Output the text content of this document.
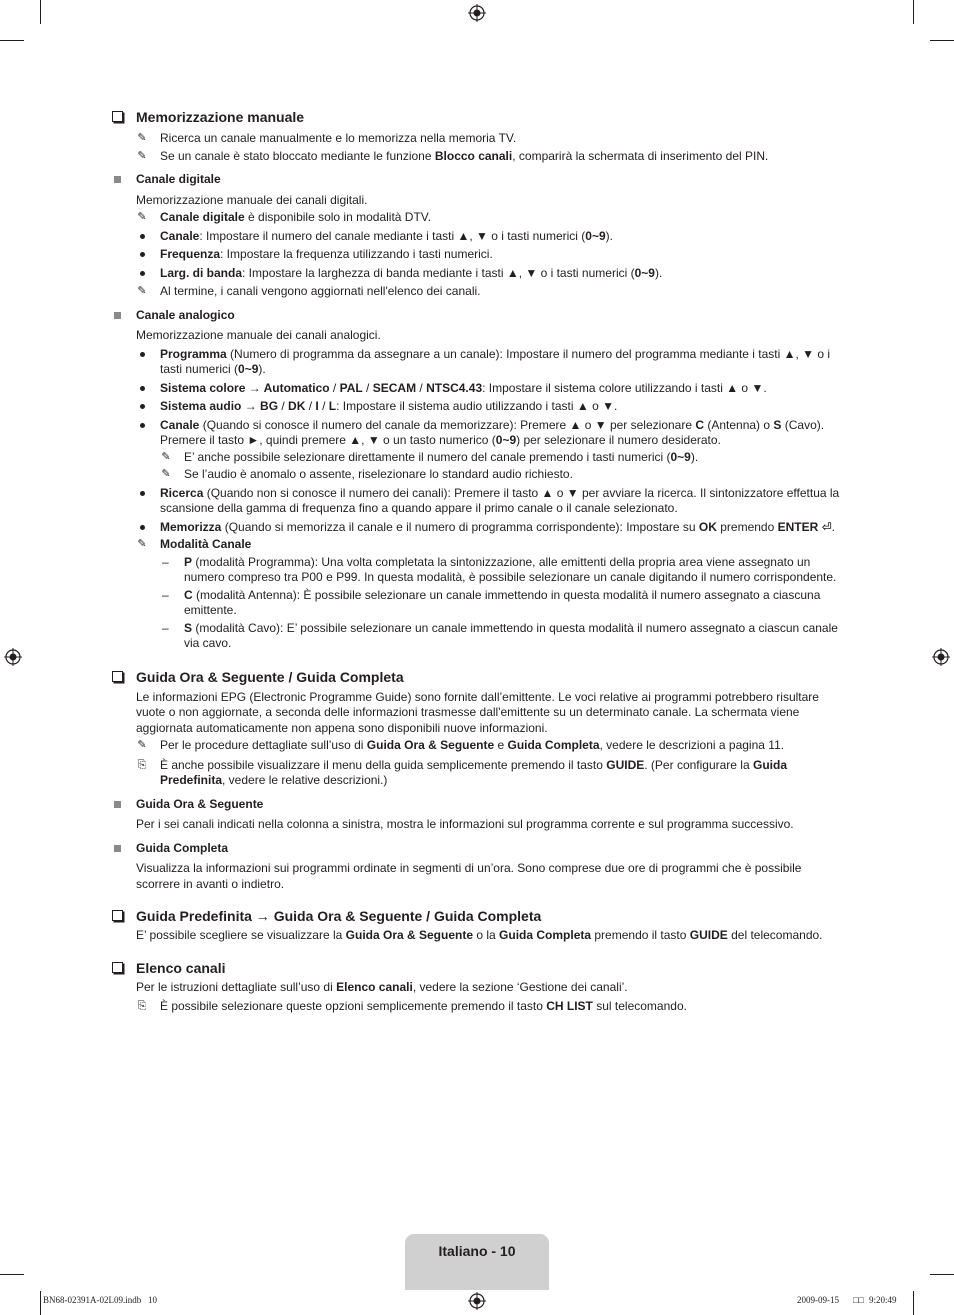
Memorizzazione manuale
✎ Ricerca un canale manualmente e lo memorizza nella memoria TV.
✎ Se un canale è stato bloccato mediante le funzione Blocco canali, comparirà la schermata di inserimento del PIN.
Canale digitale
Memorizzazione manuale dei canali digitali.
✎ Canale digitale è disponibile solo in modalità DTV.
Canale: Impostare il numero del canale mediante i tasti ▲, ▼ o i tasti numerici (0~9).
Frequenza: Impostare la frequenza utilizzando i tasti numerici.
Larg. di banda: Impostare la larghezza di banda mediante i tasti ▲, ▼ o i tasti numerici (0~9).
✎ Al termine, i canali vengono aggiornati nell'elenco dei canali.
Canale analogico
Memorizzazione manuale dei canali analogici.
Programma (Numero di programma da assegnare a un canale): Impostare il numero del programma mediante i tasti ▲, ▼ o i tasti numerici (0~9).
Sistema colore → Automatico / PAL / SECAM / NTSC4.43: Impostare il sistema colore utilizzando i tasti ▲ o ▼.
Sistema audio → BG / DK / I / L: Impostare il sistema audio utilizzando i tasti ▲ o ▼.
Canale (Quando si conosce il numero del canale da memorizzare): Premere ▲ o ▼ per selezionare C (Antenna) o S (Cavo). Premere il tasto ►, quindi premere ▲, ▼ o un tasto numerico (0~9) per selezionare il numero desiderato.
✎ E’ anche possibile selezionare direttamente il numero del canale premendo i tasti numerici (0~9).
✎ Se l’audio è anomalo o assente, riselezionare lo standard audio richiesto.
Ricerca (Quando non si conosce il numero dei canali): Premere il tasto ▲ o ▼ per avviare la ricerca. Il sintonizzatore effettua la scansione della gamma di frequenza fino a quando appare il primo canale o il canale selezionato.
Memorizza (Quando si memorizza il canale e il numero di programma corrispondente): Impostare su OK premendo ENTER ⏎.
✎ Modalità Canale
– P (modalità Programma): Una volta completata la sintonizzazione, alle emittenti della propria area viene assegnato un numero compreso tra P00 e P99. In questa modalità, è possibile selezionare un canale digitando il numero corrispondente.
– C (modalità Antenna): È possibile selezionare un canale immettendo in questa modalità il numero assegnato a ciascuna emittente.
– S (modalità Cavo): E’ possibile selezionare un canale immettendo in questa modalità il numero assegnato a ciascun canale via cavo.
Guida Ora & Seguente / Guida Completa
Le informazioni EPG (Electronic Programme Guide) sono fornite dall’emittente. Le voci relative ai programmi potrebbero risultare vuote o non aggiornate, a seconda delle informazioni trasmesse dall'emittente su un determinato canale. La schermata viene aggiornata automaticamente non appena sono disponibili nuove informazioni.
✎ Per le procedure dettagliate sull’uso di Guida Ora & Seguente e Guida Completa, vedere le descrizioni a pagina 11.
⎘ È anche possibile visualizzare il menu della guida semplicemente premendo il tasto GUIDE. (Per configurare la Guida Predefinita, vedere le relative descrizioni.)
Guida Ora & Seguente
Per i sei canali indicati nella colonna a sinistra, mostra le informazioni sul programma corrente e sul programma successivo.
Guida Completa
Visualizza la informazioni sui programmi ordinate in segmenti di un’ora. Sono comprese due ore di programmi che è possibile scorrere in avanti o indietro.
Guida Predefinita → Guida Ora & Seguente / Guida Completa
E’ possibile scegliere se visualizzare la Guida Ora & Seguente o la Guida Completa premendo il tasto GUIDE del telecomando.
Elenco canali
Per le istruzioni dettagliate sull’uso di Elenco canali, vedere la sezione ‘Gestione dei canali’.
⎘ È possibile selezionare queste opzioni semplicemente premendo il tasto CH LIST sul telecomando.
Italiano - 10
BN68-02391A-02L09.indb   10	2009-09-15 □□ 9:20:49
